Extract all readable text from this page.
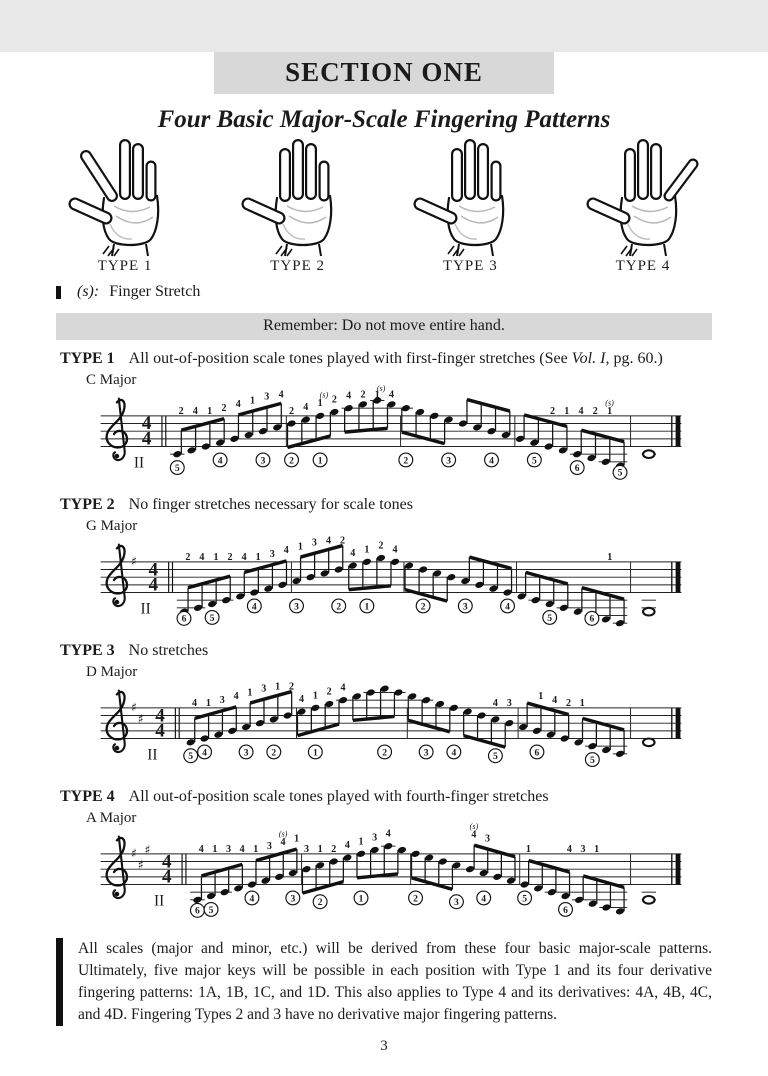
SECTION ONE
Four Basic Major-Scale Fingering Patterns
TYPE 1	TYPE 2	TYPE 3	TYPE 4
(s): Finger Stretch
Remember: Do not move entire hand.
TYPE 1 All out-of-position scale tones played with first-finger stretches (See Vol. I, pg. 60.)
C Major
4
4
II
2 4 1 2 4 1 3 4
2 4 1
(s) 2 4 2 1
(s)
4
2 1 4 2 1
(s)
5
4	3 2 1	2	3	4	5
6	5
TYPE 2 No finger stretches necessary for scale tones
G Major
♯ 4
4
II
2 4 1 2 4 1 3 4 1 3 4 2
4 1 2 4
1
6 5
4	3	2 1	2	3	4
5	6
TYPE 3 No stretches
D Major
♯
♯ 4
4
II
4 1 3 4 1 3 1 2
4 1 2 4
4 3
1 4 2 1
5 4	3 2	1	2	3 4	5	6
5
TYPE 4 All out-of-position scale tones played with fourth-finger stretches
A Major
♯
♯
♯
4
4
II
4 1 3 4 1 3 4
(s) 1
3 1 2 4 1 3 4	4
(s)
3
1	4 3 1
6 5
4	3 2	1	2	3 4	5
6

All scales (major and minor, etc.) will be derived from these four basic major-scale patterns. Ultimately, five major keys will be possible in each position with Type 1 and its four derivative fingering patterns: 1A, 1B, 1C, and 1D. This also applies to Type 4 and its derivatives: 4A, 4B, 4C, and 4D. Fingering Types 2 and 3 have no derivative major fingering patterns.

3
